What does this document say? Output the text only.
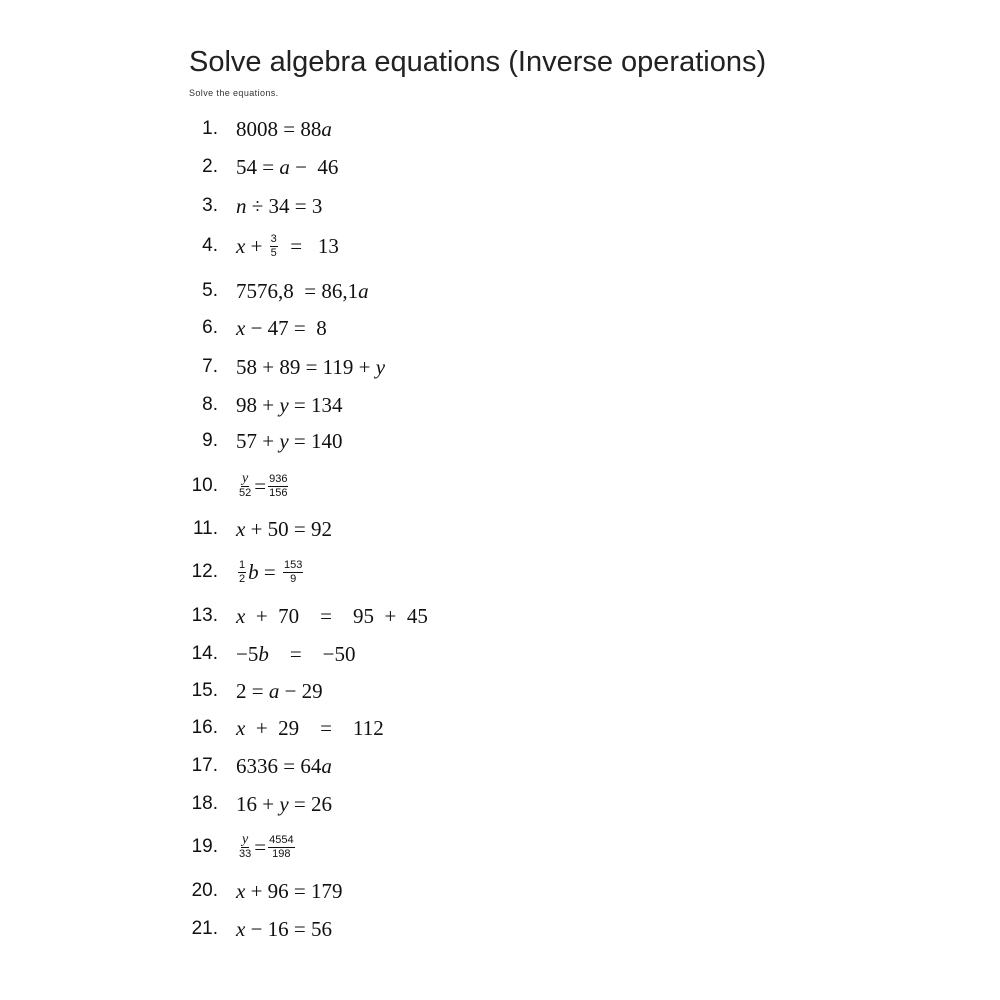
Solve algebra equations (Inverse operations)
Solve the equations.
1. 8008 = 88 a
2. 54 = a −  46
3. n ÷ 34 = 3
4. $x + \frac{3}{5} = 13$
5. 7576,8  = 86,1 a
6. x − 47 =  8
7. 58 + 89 = 119 + y
8. 98 + y = 134
9. 57 + y = 140
10.	$\frac{y}{52} = \frac{936}{156}$
11. x + 50 = 92
12.	$\frac{1}{2}$ $b = \frac{153}{9}$
13. x +  70    =    95  +  45
14. −5 b =    −50
15. 2 = a − 29
16. x +  29    =    112
17. 6336 = 64 a
18. 16 + y = 26
19.	$\frac{y}{33} = \frac{4554}{198}$
20. x + 96 = 179
21. x − 16 = 56
